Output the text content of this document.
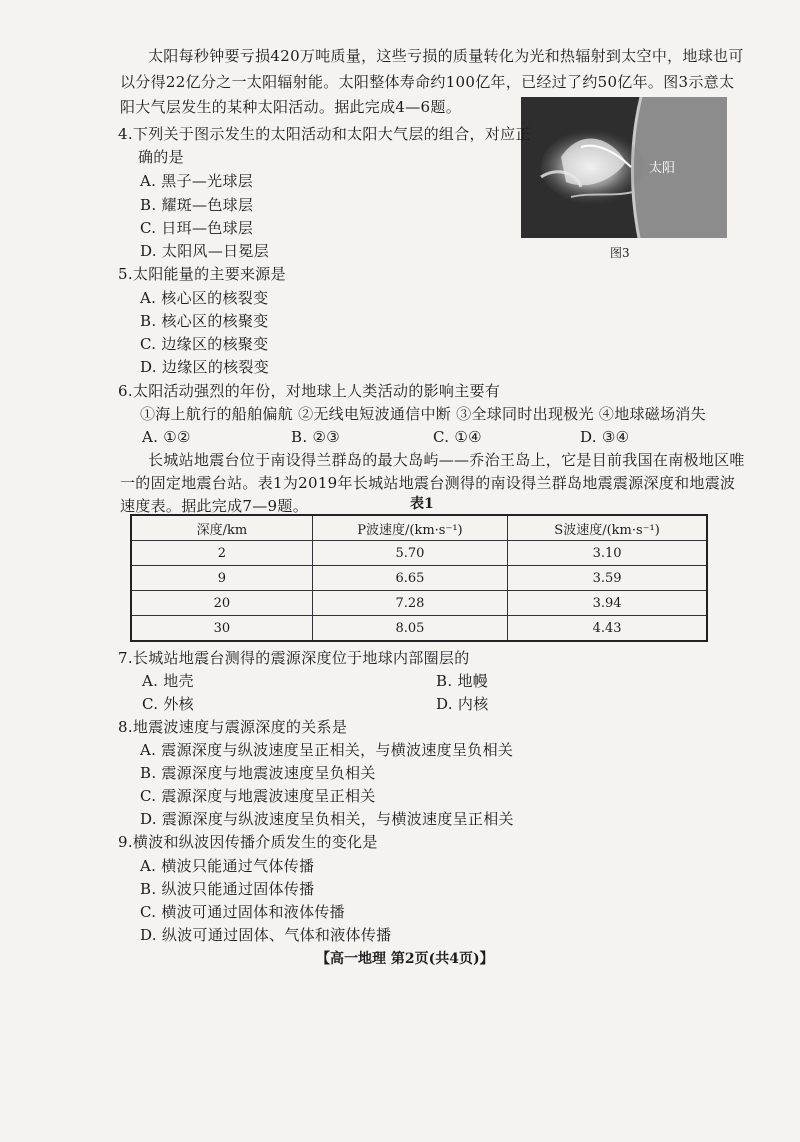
太阳每秒钟要亏损420万吨质量，这些亏损的质量转化为光和热辐射到太空中，地球也可
以分得22亿分之一太阳辐射能。太阳整体寿命约100亿年，已经过了约50亿年。图3示意太
阳大气层发生的某种太阳活动。据此完成4—6题。
太阳
图3
4.下列关于图示发生的太阳活动和太阳大气层的组合，对应正
确的是
A. 黑子—光球层
B. 耀斑—色球层
C. 日珥—色球层
D. 太阳风—日冕层
5.太阳能量的主要来源是
A. 核心区的核裂变
B. 核心区的核聚变
C. 边缘区的核聚变
D. 边缘区的核裂变
6.太阳活动强烈的年份，对地球上人类活动的影响主要有
①海上航行的船舶偏航 ②无线电短波通信中断 ③全球同时出现极光 ④地球磁场消失
A. ①②	B. ②③	C. ①④	D. ③④
长城站地震台位于南设得兰群岛的最大岛屿——乔治王岛上，它是目前我国在南极地区唯
一的固定地震台站。表1为2019年长城站地震台测得的南设得兰群岛地震震源深度和地震波
速度表。据此完成7—9题。	表1
深度/km	P波速度/(km·s⁻¹)	S波速度/(km·s⁻¹)
2	5.70	3.10
9	6.65	3.59
20	7.28	3.94
30	8.05	4.43
7.长城站地震台测得的震源深度位于地球内部圈层的
A. 地壳	B. 地幔
C. 外核	D. 内核
8.地震波速度与震源深度的关系是
A. 震源深度与纵波速度呈正相关，与横波速度呈负相关
B. 震源深度与地震波速度呈负相关
C. 震源深度与地震波速度呈正相关
D. 震源深度与纵波速度呈负相关，与横波速度呈正相关
9.横波和纵波因传播介质发生的变化是
A. 横波只能通过气体传播
B. 纵波只能通过固体传播
C. 横波可通过固体和液体传播
D. 纵波可通过固体、气体和液体传播
【高一地理 第2页(共4页)】
